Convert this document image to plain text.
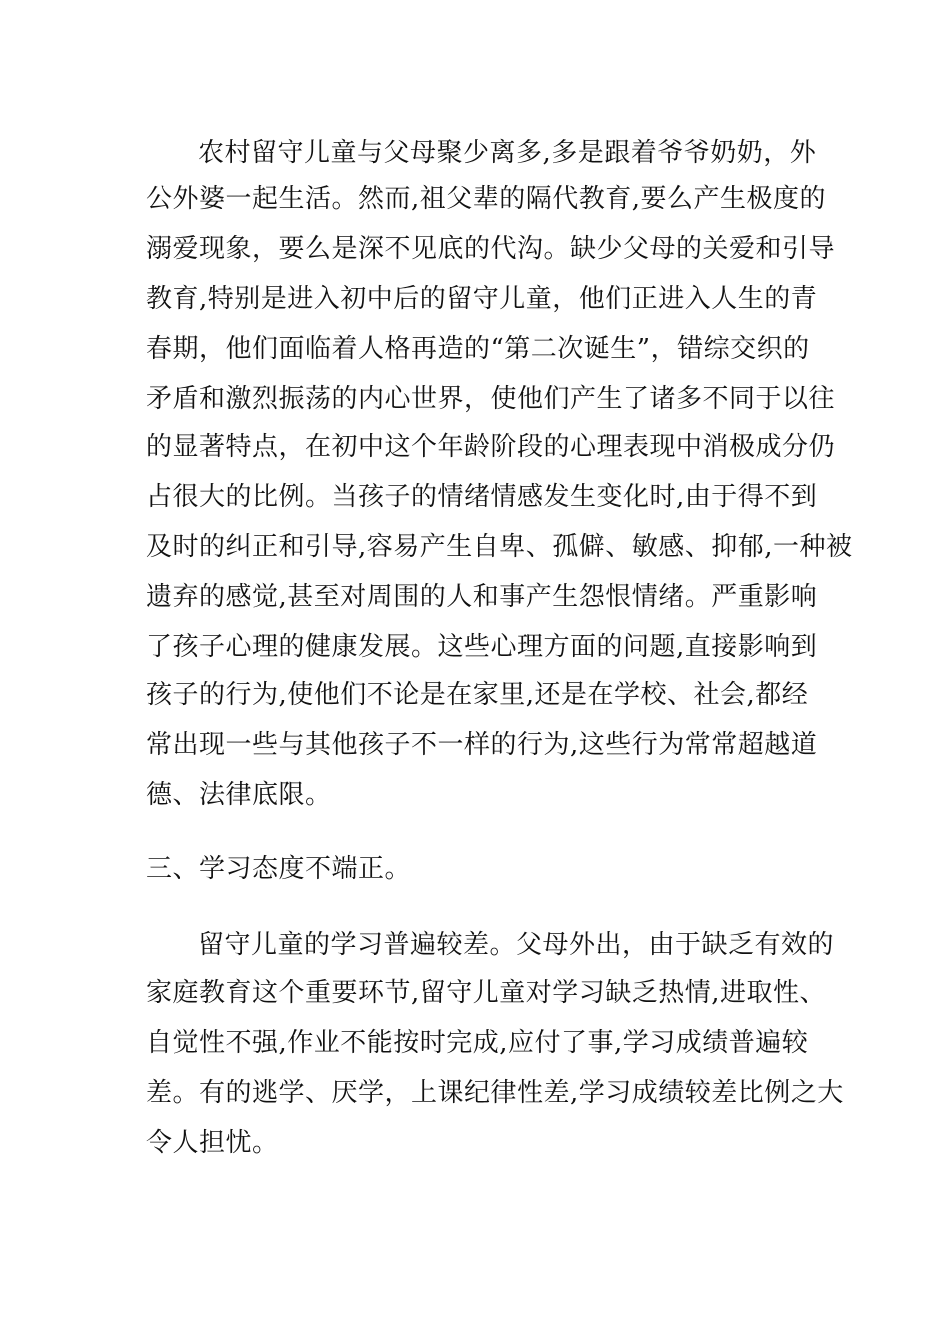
农村留守儿童与父母聚少离多,多是跟着爷爷奶奶，外
公外婆一起生活。然而,祖父辈的隔代教育,要么产生极度的
溺爱现象，要么是深不见底的代沟。缺少父母的关爱和引导
教育,特别是进入初中后的留守儿童，他们正进入人生的青
春期，他们面临着人格再造的“第二次诞生”，错综交织的
矛盾和激烈振荡的内心世界，使他们产生了诸多不同于以往
的显著特点，在初中这个年龄阶段的心理表现中消极成分仍
占很大的比例。当孩子的情绪情感发生变化时,由于得不到
及时的纠正和引导,容易产生自卑、孤僻、敏感、抑郁,一种被
遗弃的感觉,甚至对周围的人和事产生怨恨情绪。严重影响
了孩子心理的健康发展。这些心理方面的问题,直接影响到
孩子的行为,使他们不论是在家里,还是在学校、社会,都经
常出现一些与其他孩子不一样的行为,这些行为常常超越道
德、法律底限。
三、学习态度不端正。
留守儿童的学习普遍较差。父母外出，由于缺乏有效的
家庭教育这个重要环节,留守儿童对学习缺乏热情,进取性、
自觉性不强,作业不能按时完成,应付了事,学习成绩普遍较
差。有的逃学、厌学，上课纪律性差,学习成绩较差比例之大
令人担忧。
